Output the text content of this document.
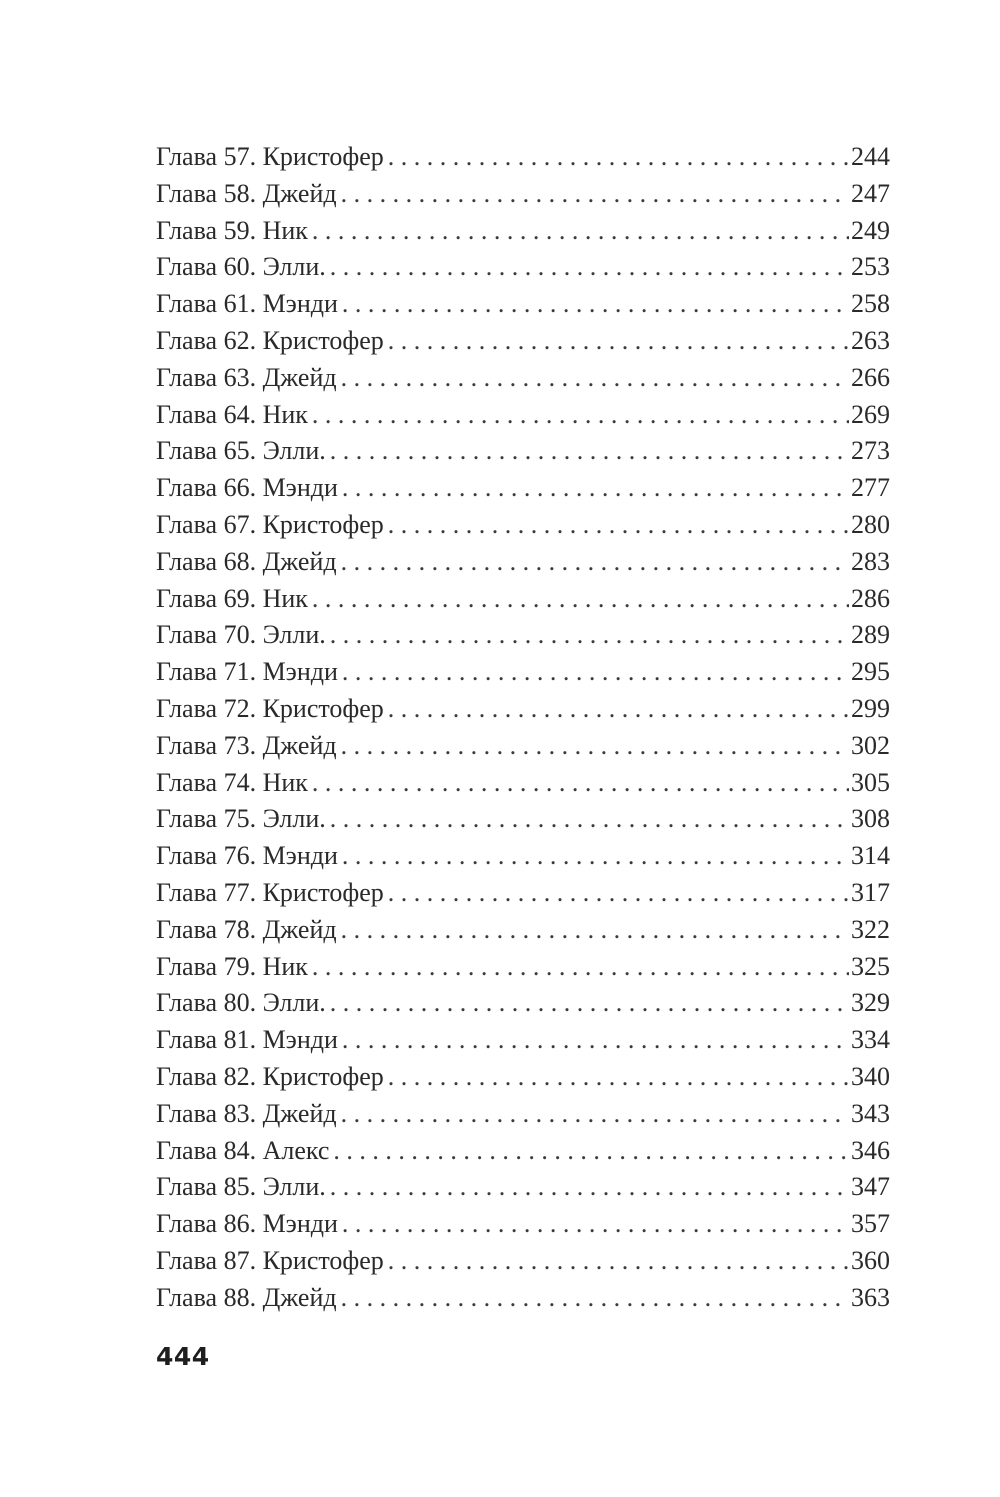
Глава 57. Кристофер . . .	244
Глава 58. Джейд . . .	247
Глава 59. Ник . . .	249
Глава 60. Элли. . . .	253
Глава 61. Мэнди . . .	258
Глава 62. Кристофер . . .	263
Глава 63. Джейд . . .	266
Глава 64. Ник . . .	269
Глава 65. Элли. . . .	273
Глава 66. Мэнди . . .	277
Глава 67. Кристофер . . .	280
Глава 68. Джейд . . .	283
Глава 69. Ник . . .	286
Глава 70. Элли. . . .	289
Глава 71. Мэнди . . .	295
Глава 72. Кристофер . . .	299
Глава 73. Джейд . . .	302
Глава 74. Ник . . .	305
Глава 75. Элли. . . .	308
Глава 76. Мэнди . . .	314
Глава 77. Кристофер . . .	317
Глава 78. Джейд . . .	322
Глава 79. Ник . . .	325
Глава 80. Элли. . . .	329
Глава 81. Мэнди . . .	334
Глава 82. Кристофер . . .	340
Глава 83. Джейд . . .	343
Глава 84. Алекс . . .	346
Глава 85. Элли. . . .	347
Глава 86. Мэнди . . .	357
Глава 87. Кристофер . . .	360
Глава 88. Джейд . . .	363
444
